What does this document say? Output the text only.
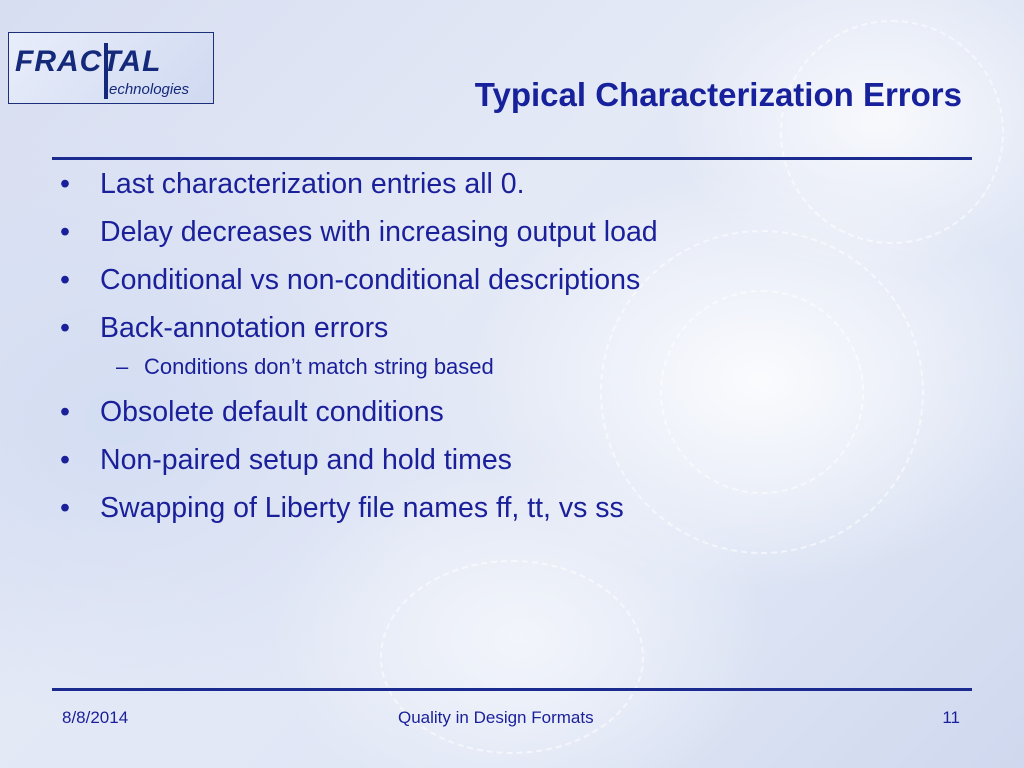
FRACTAL
echnologies	Typical Characterization Errors
• Last characterization entries all 0.
• Delay decreases with increasing output load
• Conditional vs non-conditional descriptions
• Back-annotation errors
– Conditions don’t match string based
• Obsolete default conditions
• Non-paired setup and hold times
• Swapping of Liberty file names ff, tt, vs ss
8/8/2014	Quality in Design Formats	11
